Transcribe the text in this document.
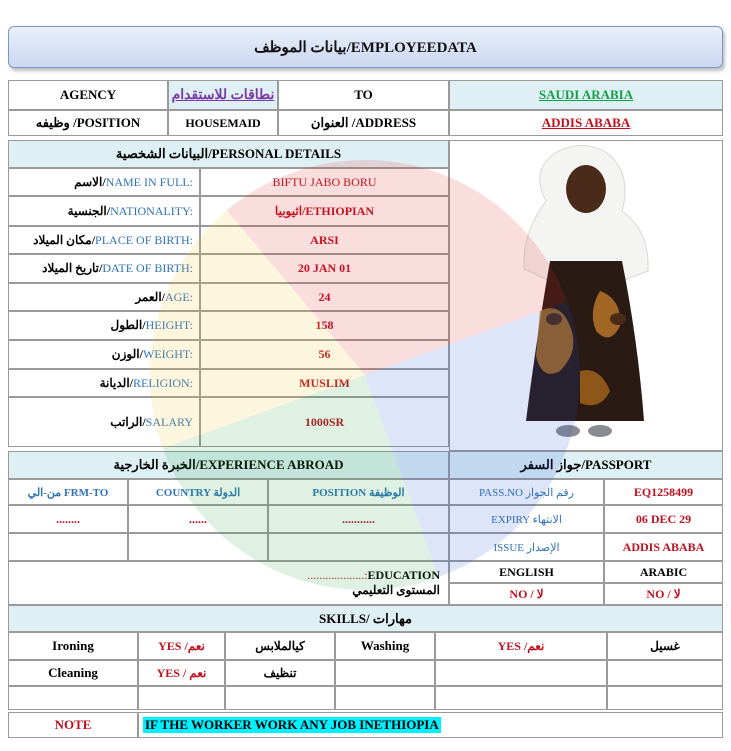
بيانات الموظف/EMPLOYEEDATA
AGENCY	نطاقات للاستقدام	TO	SAUDI ARABIA
وظيفه /POSITION	HOUSEMAID	العنوان /ADDRESS	ADDIS ABABA
البيانات الشخصية/PERSONAL DETAILS
الاسم/ NAME IN FULL:	BIFTU JABO BORU
الجنسية/ NATIONALITY:	اثيوبيا/ETHIOPIAN
مكان الميلاد/ PLACE OF BIRTH:	ARSI
تاريخ الميلاد/ DATE OF BIRTH:	20 JAN 01
العمر/ AGE:	24
الطول/ HEIGHT:	158
الوزن/ WEIGHT:	56
الديانة/ RELIGION:	MUSLIM
الراتب/ SALARY	1000SR
الخبرة الخارجية/EXPERIENCE ABROAD	جواز السفر/PASSPORT
من-الي FRM-TO	COUNTRY الدولة	POSITION الوظيفة
........	......	...........
PASS.NO رقم الجواز	EQ1258499
EXPIRY الانتهاء	06 DEC 29
ISSUE الإصدار	ADDIS ABABA
...................:EDUCATION
المستوى التعليمي
ENGLISH	ARABIC
NO / لا	NO / لا
SKILLS/ مهارات
Ironing	YES /نعم	كيالملابس	Washing	YES /نعم	غسيل
Cleaning	YES / نعم	تنظيف
NOTE	IF THE WORKER WORK ANY JOB INETHIOPIA
